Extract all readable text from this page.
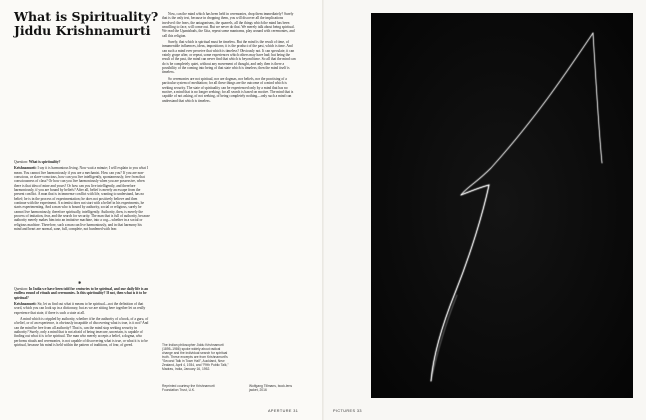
What is Spirituality?
Jiddu Krishnamurti

Question: What is spirituality?

Krishnamurti: I say it is harmonious living. Now wait a minute; I will explain to you what I mean. You cannot live harmoniously if you are a mechanist. How can you? If you are non-conscious, or slave-conscious, how can you live intelligently, spontaneously, free from that consciousness of class? Or how can you live harmoniously when you are possessive, when there is that idea of mine and yours? Or how can you live intelligently, and therefore harmoniously, if you are bound by beliefs? After all, belief is merely an escape from the present conflict. A man that is in immense conflict with life, wanting to understand, has no belief; he is in the process of experimentation; he does not positively believe and then continue with the experiment. A scientist does not start with a belief in his experiments, he starts experimenting. And a man who is bound by authority, social or religious, surely he cannot live harmoniously, therefore spiritually, intelligently. Authority, then, is merely the process of imitation, fear, and the search for security. The man that is full of authority, because authority merely makes him into an imitative machine, into a cog—whether in a social or religious machine. Therefore, such a man can live harmoniously, and in that harmony his mind and heart are normal, sane, full, complete, not burdened with fear.

✱

Question: In India we have been told for centuries to be spiritual, and our daily life is an endless round of rituals and ceremonies. Is this spirituality? If not, then what is it to be spiritual?

Krishnamurti: Sir, let us find out what it means to be spiritual—not the definition of that word, which you can look up in a dictionary, but as we are sitting here together let us really experience that state, if there is such a state at all.

A mind which is crippled by authority, whether it be the authority of a book, of a guru, of a belief, or of an experience, is obviously incapable of discovering what is true, is it not? And can the mind be free from all authority? That is, can the mind stop seeking security in authority? Surely, only a mind that is not afraid of being insecure, uncertain, is capable of finding out what it is to be spiritual. The man who merely accepts a belief, a dogma, who performs rituals and ceremonies, is not capable of discovering what is true, or what it is to be spiritual, because his mind is held within the pattern of traditions, of fear, of greed.

Now, can the mind which has been held in ceremonies, drop them immediately? Surely that is the only test, because in dropping them, you will discover all the implications involved: the fears, the antagonisms, the quarrels, all the things which the mind has been unwilling to face, will come out. But we never do that. We merely talk about being spiritual. We read the Upanishads, the Gita, repeat some mantrams, play around with ceremonies, and call this religion.

Surely, that which is spiritual must be timeless. But the mind is the result of time, of innumerable influences, ideas, impositions; it is the product of the past, which is time. And can such a mind ever perceive that which is timeless? Obviously not. It can speculate, it can vainly grope after, or repeat, some experiences which others may have had; but being the result of the past, the mind can never find that which is beyond time. So all that the mind can do is be completely quiet, without any movement of thought, and only then is there a possibility of the coming into being of that state which is timeless; then the mind itself is timeless.

So ceremonies are not spiritual, nor are dogmas, nor beliefs, nor the practising of a particular system of meditation; for all these things are the outcome of a mind which is seeking security. The state of spirituality can be experienced only by a mind that has no motive, a mind that is no longer seeking; for all search is based on motive. The mind that is capable of not asking, of not seeking, of being completely nothing—only such a mind can understand that which is timeless.

The Indian philosopher Jiddu Krishnamurti (1895–1986) spoke widely about radical change and the individual search for spiritual truth. These excerpts are from Krishnamurti's "Second Talk in Town Hall", Auckland, New Zealand, April 4, 1934, and "Fifth Public Talk," Madras, India, January 16, 1952.
Reprinted courtesy the Krishnamurti Foundation Trust, U.K.
Wolfgang Tillmans, book-lens jacket, 2016
APERTURE 31	PICTURES 33
